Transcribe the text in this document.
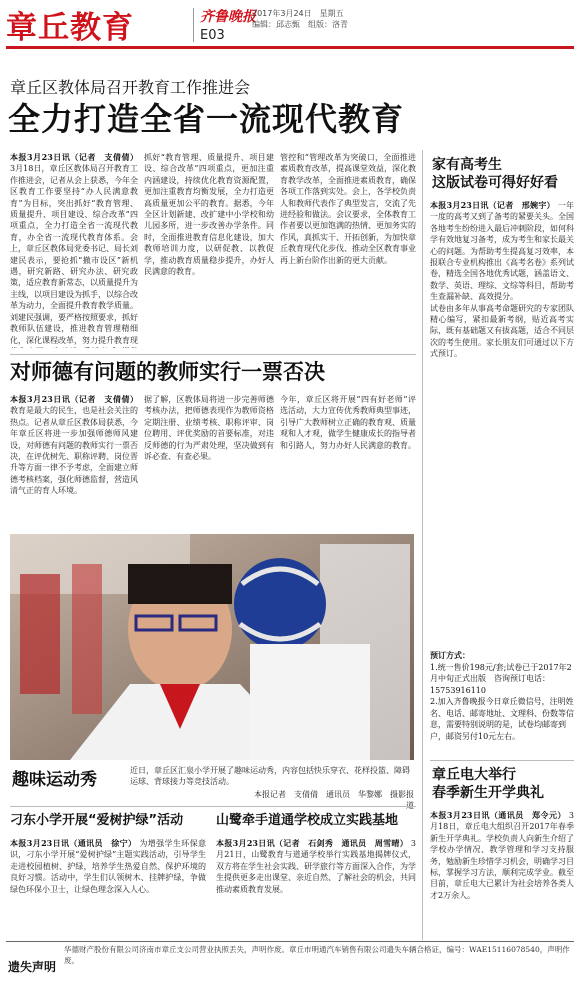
章丘教育	齐鲁晚报
2017年3月24日　星期五
编辑：邱志甄　组版：洛青
E03
章丘区教体局召开教育工作推进会
全力打造全省一流现代教育
本报3月23日讯（记者　支倩倩） 3月18日，章丘区教体局召开教育工作推进会，记者从会上获悉，今年全区教育工作要坚持“办人民满意教育”为目标，突出抓好“教育管理、质量提升、项目建设、综合改革”四项重点，全力打造全省一流现代教育，办全省一流现代教育体系。会上，章丘区教体局党委书记、局长刘建民表示，要抢抓“撤市设区”新机遇，研究新路、研究办法、研究政策，适应教育新常态，以质量提升为主线，以项目建设为抓手，以综合改革为动力，全面提升教育教学质量。 刘建民强调，要严格按照要求，抓好教师队伍建设，推进教育管理精细化，深化课程改革，努力提升教育现
抓好“教育管理、质量提升、项目建设、综合改革”四项重点，更加注重内涵建设，持续优化教育资源配置，更加注重教育均衡发展，全力打造更高质量更加公平的教育。据悉，今年全区计划新建、改扩建中小学校和幼儿园多所，进一步改善办学条件。同时，全面推进教育信息化建设，加大教师培训力度，以研促教、以教促学，推动教育质量稳步提升，办好人民满意的教育。
管控和“管理改革为突破口，全面推进素质教育改革，提高课堂效益，深化教育教学改革，全面推进素质教育，确保各项工作落到实处。会上，各学校负责人和教师代表作了典型发言，交流了先进经验和做法。会议要求，全体教育工作者要以更加饱满的热情、更加务实的作风，真抓实干、开拓创新，为加快章丘教育现代化步伐、推动全区教育事业再上新台阶作出新的更大贡献。
对师德有问题的教师实行一票否决
本报3月23日讯（记者　支倩倩） 教育是最大的民生，也是社会关注的热点。记者从章丘区教体局获悉，今年章丘区将进一步加强师德师风建设，对师德有问题的教师实行一票否决，在评优树先、职称评聘、岗位晋升等方面一律不予考虑，全面建立师德考核档案，强化师德监督，营造风清气正的育人环境。
据了解，区教体局将进一步完善师德考核办法，把师德表现作为教师资格定期注册、业绩考核、职称评审、岗位聘用、评优奖励的首要标准，对违反师德的行为严肃处理，坚决做到有诉必查、有查必果。
今年，章丘区将开展“四有好老师”评选活动，大力宣传优秀教师典型事迹，引导广大教师树立正确的教育观、质量观和人才观，做学生健康成长的指导者和引路人，努力办好人民满意的教育。
趣味运动秀	近日，章丘区汇泉小学开展了趣味运动秀，内容包括快乐穿衣、花样投篮、障碍运球、背球接力等竞技活动。
本报记者　支倩倩　通讯员　华黎娜　摄影报
刁东小学开展“爱树护绿”活动
本报3月23日讯（通讯员　徐宁） 为增强学生环保意识，刁东小学开展“爱树护绿”主题实践活动，引导学生走进校园植树、护绿，培养学生热爱自然、保护环境的良好习惯。活动中，学生们认领树木、挂牌护绿，争做绿色环保小卫士，让绿色理念深入人心。
山鹭牵手道通学校成立实践基地
本报3月23日讯（记者　石剑秀　通讯员　周雪晴） 3月21日，山鹭教育与道通学校举行实践基地揭牌仪式，双方将在学生社会实践、研学旅行等方面深入合作，为学生提供更多走出课堂、亲近自然、了解社会的机会，共同推动素质教育发展。
家有高考生
这版试卷可得好好看
本报3月23日讯（记者　邢婉宇） 一年一度的高考又到了备考的紧要关头。全国各地考生纷纷进入最后冲刺阶段，如何科学有效地复习备考，成为考生和家长最关心的问题。为帮助考生提高复习效率，本报联合专业机构推出《高考名卷》系列试卷，精选全国各地优秀试题，涵盖语文、数学、英语、理综、文综等科目，帮助考生查漏补缺、高效提分。
试卷由多年从事高考命题研究的专家团队精心编写，紧扣最新考纲，贴近高考实际，既有基础题又有拔高题，适合不同层次的考生使用。家长朋友们可通过以下方式预订。
预订方式：
1.统一售价198元/套;试卷已于2017年2月中旬正式出版　咨询预订电话：15753916110
2.加入齐鲁晚报今日章丘微信号，注明姓名、电话、邮寄地址、文理科、份数等信息，需要特别说明的是，试卷均邮寄到户，邮资另付10元左右。
章丘电大举行
春季新生开学典礼
本报3月23日讯（通讯员　郑令元） 3月18日，章丘电大组织召开2017年春季新生开学典礼。学校负责人向新生介绍了学校办学情况、教学管理和学习支持服务，勉励新生珍惜学习机会，明确学习目标，掌握学习方法，顺利完成学业。截至目前，章丘电大已累计为社会培养各类人才2万余人。
遗失声明
华德财产股份有限公司济南市章丘支公司营业执照丢失，声明作废。章丘市明通汽车销售有限公司遗失车辆合格证，编号：WAE15116078540，声明作废。
